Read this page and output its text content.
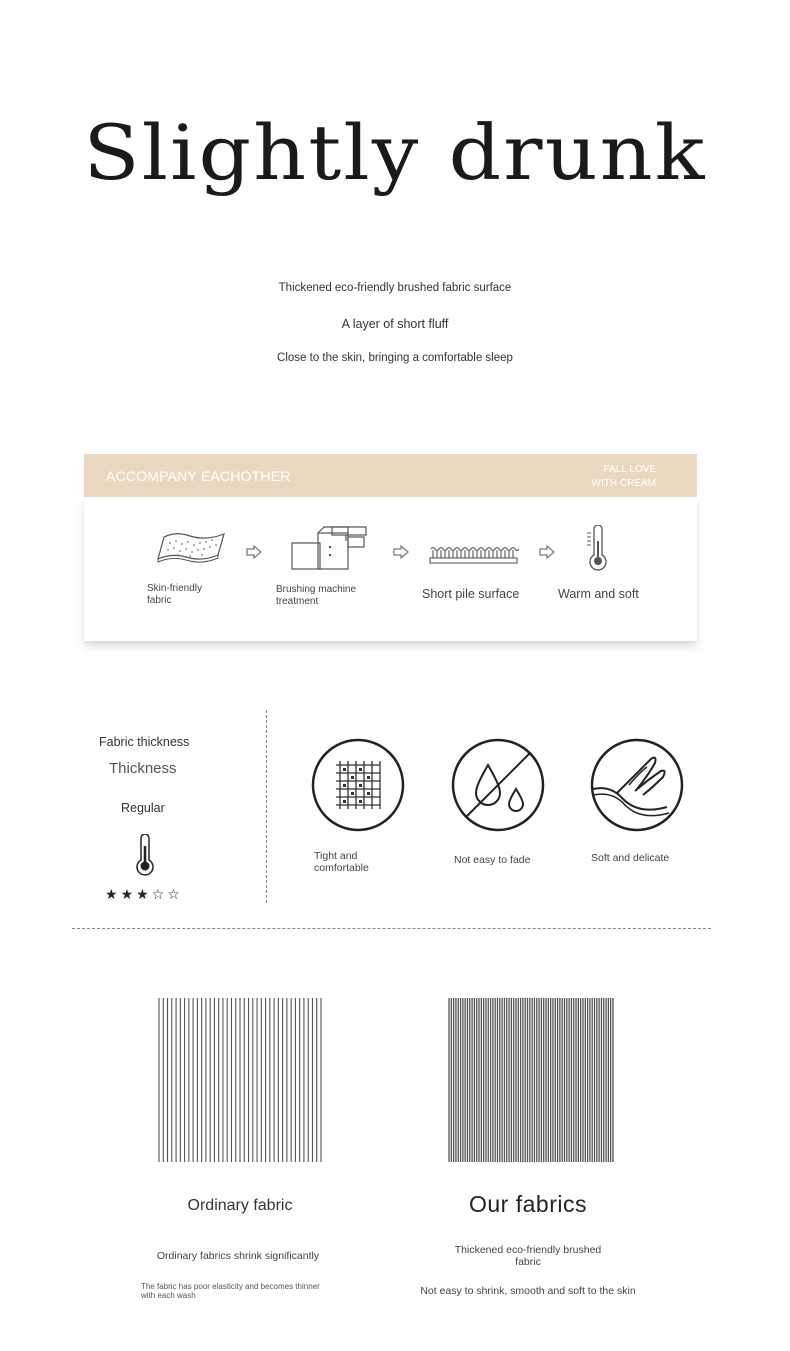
Slightly drunk
Thickened eco-friendly brushed fabric surface
A layer of short fluff
Close to the skin, bringing a comfortable sleep
ACCOMPANY EACHOTHER	FALL LOVE
WITH CREAM
Skin-friendly
fabric
Brushing machine
treatment
Short pile surface	Warm and soft
Fabric thickness
Thickness
Regular
★★★☆☆
Tight and
comfortable
Not easy to fade	Soft and delicate
Ordinary fabric	Our fabrics
Ordinary fabrics shrink significantly
The fabric has poor elasticity and becomes thinner
with each wash
Thickened eco-friendly brushed
fabric
Not easy to shrink, smooth and soft to the skin
